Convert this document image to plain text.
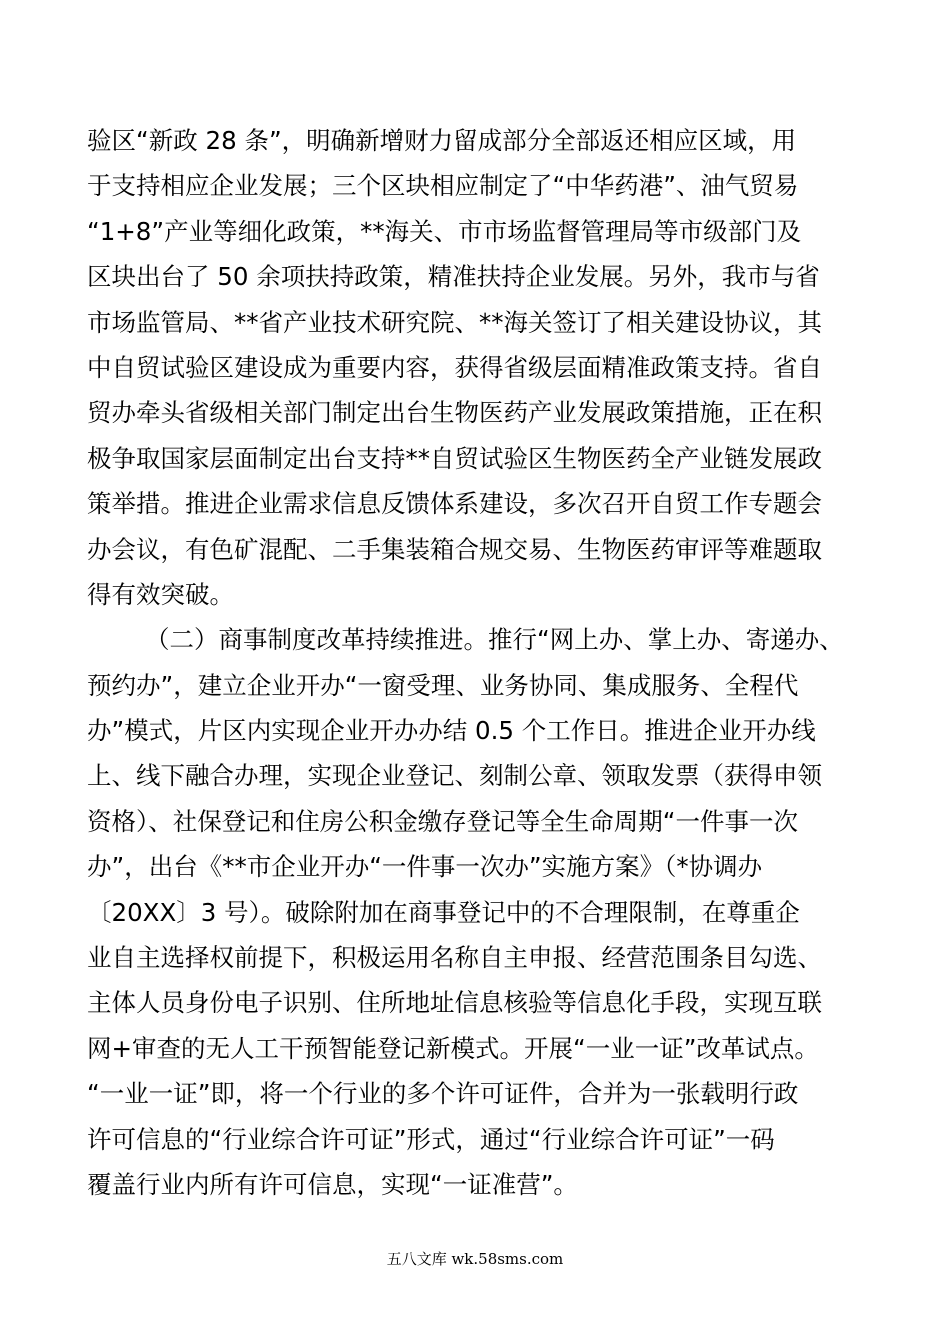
验区“新政 28 条”，明确新增财力留成部分全部返还相应区域，用
于支持相应企业发展；三个区块相应制定了“中华药港”、油气贸易
“1+8”产业等细化政策，**海关、市市场监督管理局等市级部门及
区块出台了 50 余项扶持政策，精准扶持企业发展。另外，我市与省
市场监管局、**省产业技术研究院、**海关签订了相关建设协议，其
中自贸试验区建设成为重要内容，获得省级层面精准政策支持。省自
贸办牵头省级相关部门制定出台生物医药产业发展政策措施，正在积
极争取国家层面制定出台支持**自贸试验区生物医药全产业链发展政
策举措。推进企业需求信息反馈体系建设，多次召开自贸工作专题会
办会议，有色矿混配、二手集装箱合规交易、生物医药审评等难题取
得有效突破。
（二）商事制度改革持续推进。推行“网上办、掌上办、寄递办、
预约办”，建立企业开办“一窗受理、业务协同、集成服务、全程代
办”模式，片区内实现企业开办办结 0.5 个工作日。推进企业开办线
上、线下融合办理，实现企业登记、刻制公章、领取发票（获得申领
资格）、社保登记和住房公积金缴存登记等全生命周期“一件事一次
办”，出台《**市企业开办“一件事一次办”实施方案》（*协调办
〔20XX〕3 号）。破除附加在商事登记中的不合理限制，在尊重企
业自主选择权前提下，积极运用名称自主申报、经营范围条目勾选、
主体人员身份电子识别、住所地址信息核验等信息化手段，实现互联
网+审查的无人工干预智能登记新模式。开展“一业一证”改革试点。
“一业一证”即，将一个行业的多个许可证件，合并为一张载明行政
许可信息的“行业综合许可证”形式，通过“行业综合许可证”一码
覆盖行业内所有许可信息，实现“一证准营”。
五八文库 wk.58sms.com
